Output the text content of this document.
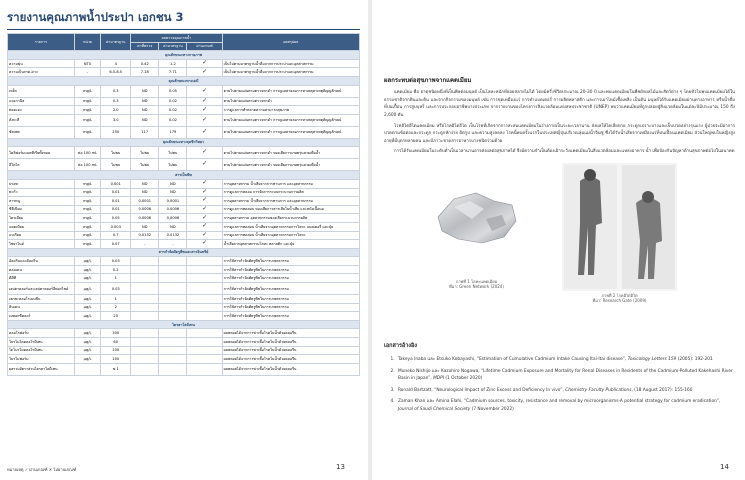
รายงานคุณภาพน้ำประปา เอกชน 3
รายการ	หน่วย	ค่ามาตรฐาน	ผลตรวจคุณภาพน้ำ			ผลสรุปผล
			ค่าที่ตรวจ	ค่ามาตรฐาน	ผ่านเกณฑ์	
คุณลักษณะทางกายภาพ						
ความขุ่น	NTU	4	0.42	1.2	✓	เป็นไปตามมาตรฐานน้ำดื่มจากการประปาและอุตสาหกรรม
ความเป็นกรด-ด่าง	-	6.5-8.5	7.18	7.71	✓	เป็นไปตามมาตรฐานน้ำดื่มจากการประปาและอุตสาหกรรม
คุณลักษณะทางเคมี						
เหล็ก	mg/L	0.3	ND	0.05	✓	ตามไปตามแผ่นตามตรวจหาดำ การดูแลสายลงการหาเหตุสาเหตุสัญญลักษณ์
แมงกานีส	mg/L	0.3	ND	0.02	✓	ตามไปตามแผ่นตามตรวจหาดำ
ทองแดง	mg/L	2.0	ND	0.02	✓	การดูแลการทำตลาดความสามารถสุขภาพ
สังกะสี	mg/L	3.0	ND	0.02	✓	ตามไปตามแผ่นตามตรวจหาดำ การดูแลสายลงการหาเหตุสาเหตุสัญญลักษณ์
ซัลเฟต	mg/L	250	117	179	✓	ตามไปตามแผ่นตามตรวจหาดำ การดูแลสายลงการหาเหตุสาเหตุสัญญลักษณ์
คุณลักษณะทางจุลชีววิทยา						
โคลิฟอร์มแบคทีเรียทั้งหมด	ต่อ 100 mL	ไม่พบ	ไม่พบ	ไม่พบ	✓	ตามไปตามแผ่นตามตรวจหาดำ ของเสียการเกษตรุ่นสวยเพื่อน้ำ
อีโคไล	ต่อ 100 mL	ไม่พบ	ไม่พบ	ไม่พบ	✓	ตามไปตามแผ่นตามตรวจหาดำ ของเสียการเกษตรุ่นสวยเพื่อน้ำ
สารเป็นพิษ						
ปรอท	mg/L	0.001	ND	ND	✓	การอุตสาหกรรม น้ำเสียจากการทานการ และอุตสาหกรรม
ตะกั่ว	mg/L	0.01	ND	ND	✓	การดูแลการหลอม การจัดการระบบกระบวนการผลิต
สารหนู	mg/L	0.01	0.0001	0.0001	✓	การอุตสาหกรรม น้ำเสียจากการทานการ และอุตสาหกรรม
ซีลีเนียม	mg/L	0.01	0.0006	0.0006	✓	การดูแลการทดสอบ ของเสียการสารเสียในน้ำเสีย และหนังเนื้อนม
โครเมียม	mg/L	0.05	0.0006	0.0006	✓	การอุตสาหกรรม อุตสาหกรรมของเสียกระบวนการผลิต
แคดเมียม	mg/L	0.003	ND	ND	✓	การดูแลการทดสอบ น้ำเสียจากอุตสาหกรรมการโลหะ แบตเตอรี่ และปุ๋ย
แบเรียม	mg/L	0.7	0.0132	0.0132	✓	การดูแลการทดสอบ น้ำเสียจากอุตสาหกรรมการโลหะ
ไซยาไนด์	mg/L	0.07	-	-	✓	น้ำเสียจากอุตสาหกรรมโลหะ พลาสติก และปุ๋ย
สารกำจัดศัตรูพืชและสารอินทรีย์						
อัลดรินและดิลดริน	µg/L	0.03				การใช้สารกำจัดศัตรูพืชในการเกษตรกรรม
คลอเดน	µg/L	0.2				การใช้สารกำจัดศัตรูพืชในการเกษตรกรรม
ดีดีที	µg/L	1				การใช้สารกำจัดศัตรูพืชในการเกษตรกรรม
เฮปตาคลอร์และเฮปตาคลอร์อีพอกไซด์	µg/L	0.03				การใช้สารกำจัดศัตรูพืชในการเกษตรกรรม
เฮกซะคลอโรเบนซีน	µg/L	1				การใช้สารกำจัดศัตรูพืชในการเกษตรกรรม
ลินเดน	µg/L	2				การใช้สารกำจัดศัตรูพืชในการเกษตรกรรม
เมทอกซีคลอร์	µg/L	20				การใช้สารกำจัดศัตรูพืชในการเกษตรกรรม
ไตรฮาโลมีเทน						
คลอโรฟอร์ม	µg/L	300				ผลพลอยได้จากการฆ่าเชื้อโรคในน้ำด้วยคลอรีน
โบรโมไดคลอโรมีเทน	µg/L	60				ผลพลอยได้จากการฆ่าเชื้อโรคในน้ำด้วยคลอรีน
ไดโบรโมคลอโรมีเทน	µg/L	100				ผลพลอยได้จากการฆ่าเชื้อโรคในน้ำด้วยคลอรีน
โบรโมฟอร์ม	µg/L	100				ผลพลอยได้จากการฆ่าเชื้อโรคในน้ำด้วยคลอรีน
ผลรวมอัตราส่วนไตรฮาโลมีเทน		≤ 1				ผลพลอยได้จากการฆ่าเชื้อโรคในน้ำด้วยคลอรีน
หมายเหตุ ✓ ผ่านเกณฑ์ ✕ ไม่ผ่านเกณฑ์	13
ผลกระทบต่อสุขภาพจากแคดเมียม

แคดเมียม คือ ธาตุชนิดหนึ่งที่เป็นพิษต่อมนุษย์ เป็นโลหะหนักที่ย่อยสลายไม่ได้ โดยมีครึ่งชีวิตประมาณ 20-30 ปี และพบแคดเมียมในพืชผักผลไม้และสัตว์ต่าง ๆ โดยทั่วไปพบแคดเมียมได้ในธรรมชาติจากหินและดิน และจากกิจกรรมของมนุษย์ เช่น การขุดเหมืองแร่ การทำแบตเตอรี่ การผลิตพลาสติก และการเผาไหม้เชื้อเพลิง เป็นต้น มนุษย์ได้รับแคดเมียมผ่านทางอาหาร หรือน้ำดื่มที่ปนเปื้อน การสูบบุหรี่ และการประกอบอาชีพบางประเภท จากรายงานของโครงการสิ่งแวดล้อมแห่งสหประชาชาติ (UNEP) พบว่าแคดเมียมที่ถูกปล่อยสู่สิ่งแวดล้อมในแต่ละปีมีประมาณ 150 ถึง 2,600 ตัน

โรคอิไตอิไตแคดเมียม หรือโรคอิไตอิไต เป็นโรคที่เกิดจากการสะสมแคดเมียมในร่างกายเป็นระยะเวลานาน ส่งผลให้ไตเสียหาย กระดูกเปราะบางและเจ็บปวดอย่างรุนแรง ผู้ป่วยจะมีอาการปวดตามข้อต่อและกระดูก กระดูกหักง่าย ผิดรูป และความสูงลดลง โรคนี้พบครั้งแรกในประเทศญี่ปุ่นบริเวณลุ่มแม่น้ำจินซู ซึ่งได้รับน้ำเสียจากเหมืองแร่ที่ปนเปื้อนแคดเมียม ส่วนใหญ่พบในหญิงสูงอายุที่มีบุตรหลายคน และมีภาวะขาดสารอาหารบางชนิดร่วมด้วย

การได้รับแคดเมียมในระดับต่ำเป็นเวลานานอาจส่งผลต่อสุขภาพได้ จึงมีความจำเป็นต้องเฝ้าระวังแคดเมียมในสิ่งแวดล้อมและแหล่งอาหาร น้ำ เพื่อป้องกันปัญหาด้านสุขภาพต่อไปในอนาคต

ภาพที่ 1 โลหะแคดเมียม
ที่มา: Green Network (2024)
ภาพที่ 2 โรคอิไตอิไต
ที่มา: Research Gate (2009)
เอกสารอ้างอิง
1. Takeya Inaba และ Etsuko Kobayashi, “Estimation of Cumulative Cadmium Intake Causing Itai-Itai disease”, Toxicology Letters 159 (2005): 192-201
2. Muneko Nishijo และ Kazuhiro Nogawa, “Lifetime Cadmium Exposure and Mortality for Renal Diseases in Residents of the Cadmium-Polluted Kakehashi River Basin in Japan”, MDPI (1 October 2020)
3. Ronald Bartzatt, “Neurological Impact of Zinc Excess and Deficiency In vivo”, Chemistry Faculty Publications, (18 August 2017): 155-160
4. Zaman Khan และ Amina Elahi, “Cadmium sources, toxicity, resistance and removal by microorganisms-A potential strategy for cadmium eradication”, Journal of Saudi Chemical Society (7 November 2022)
14
